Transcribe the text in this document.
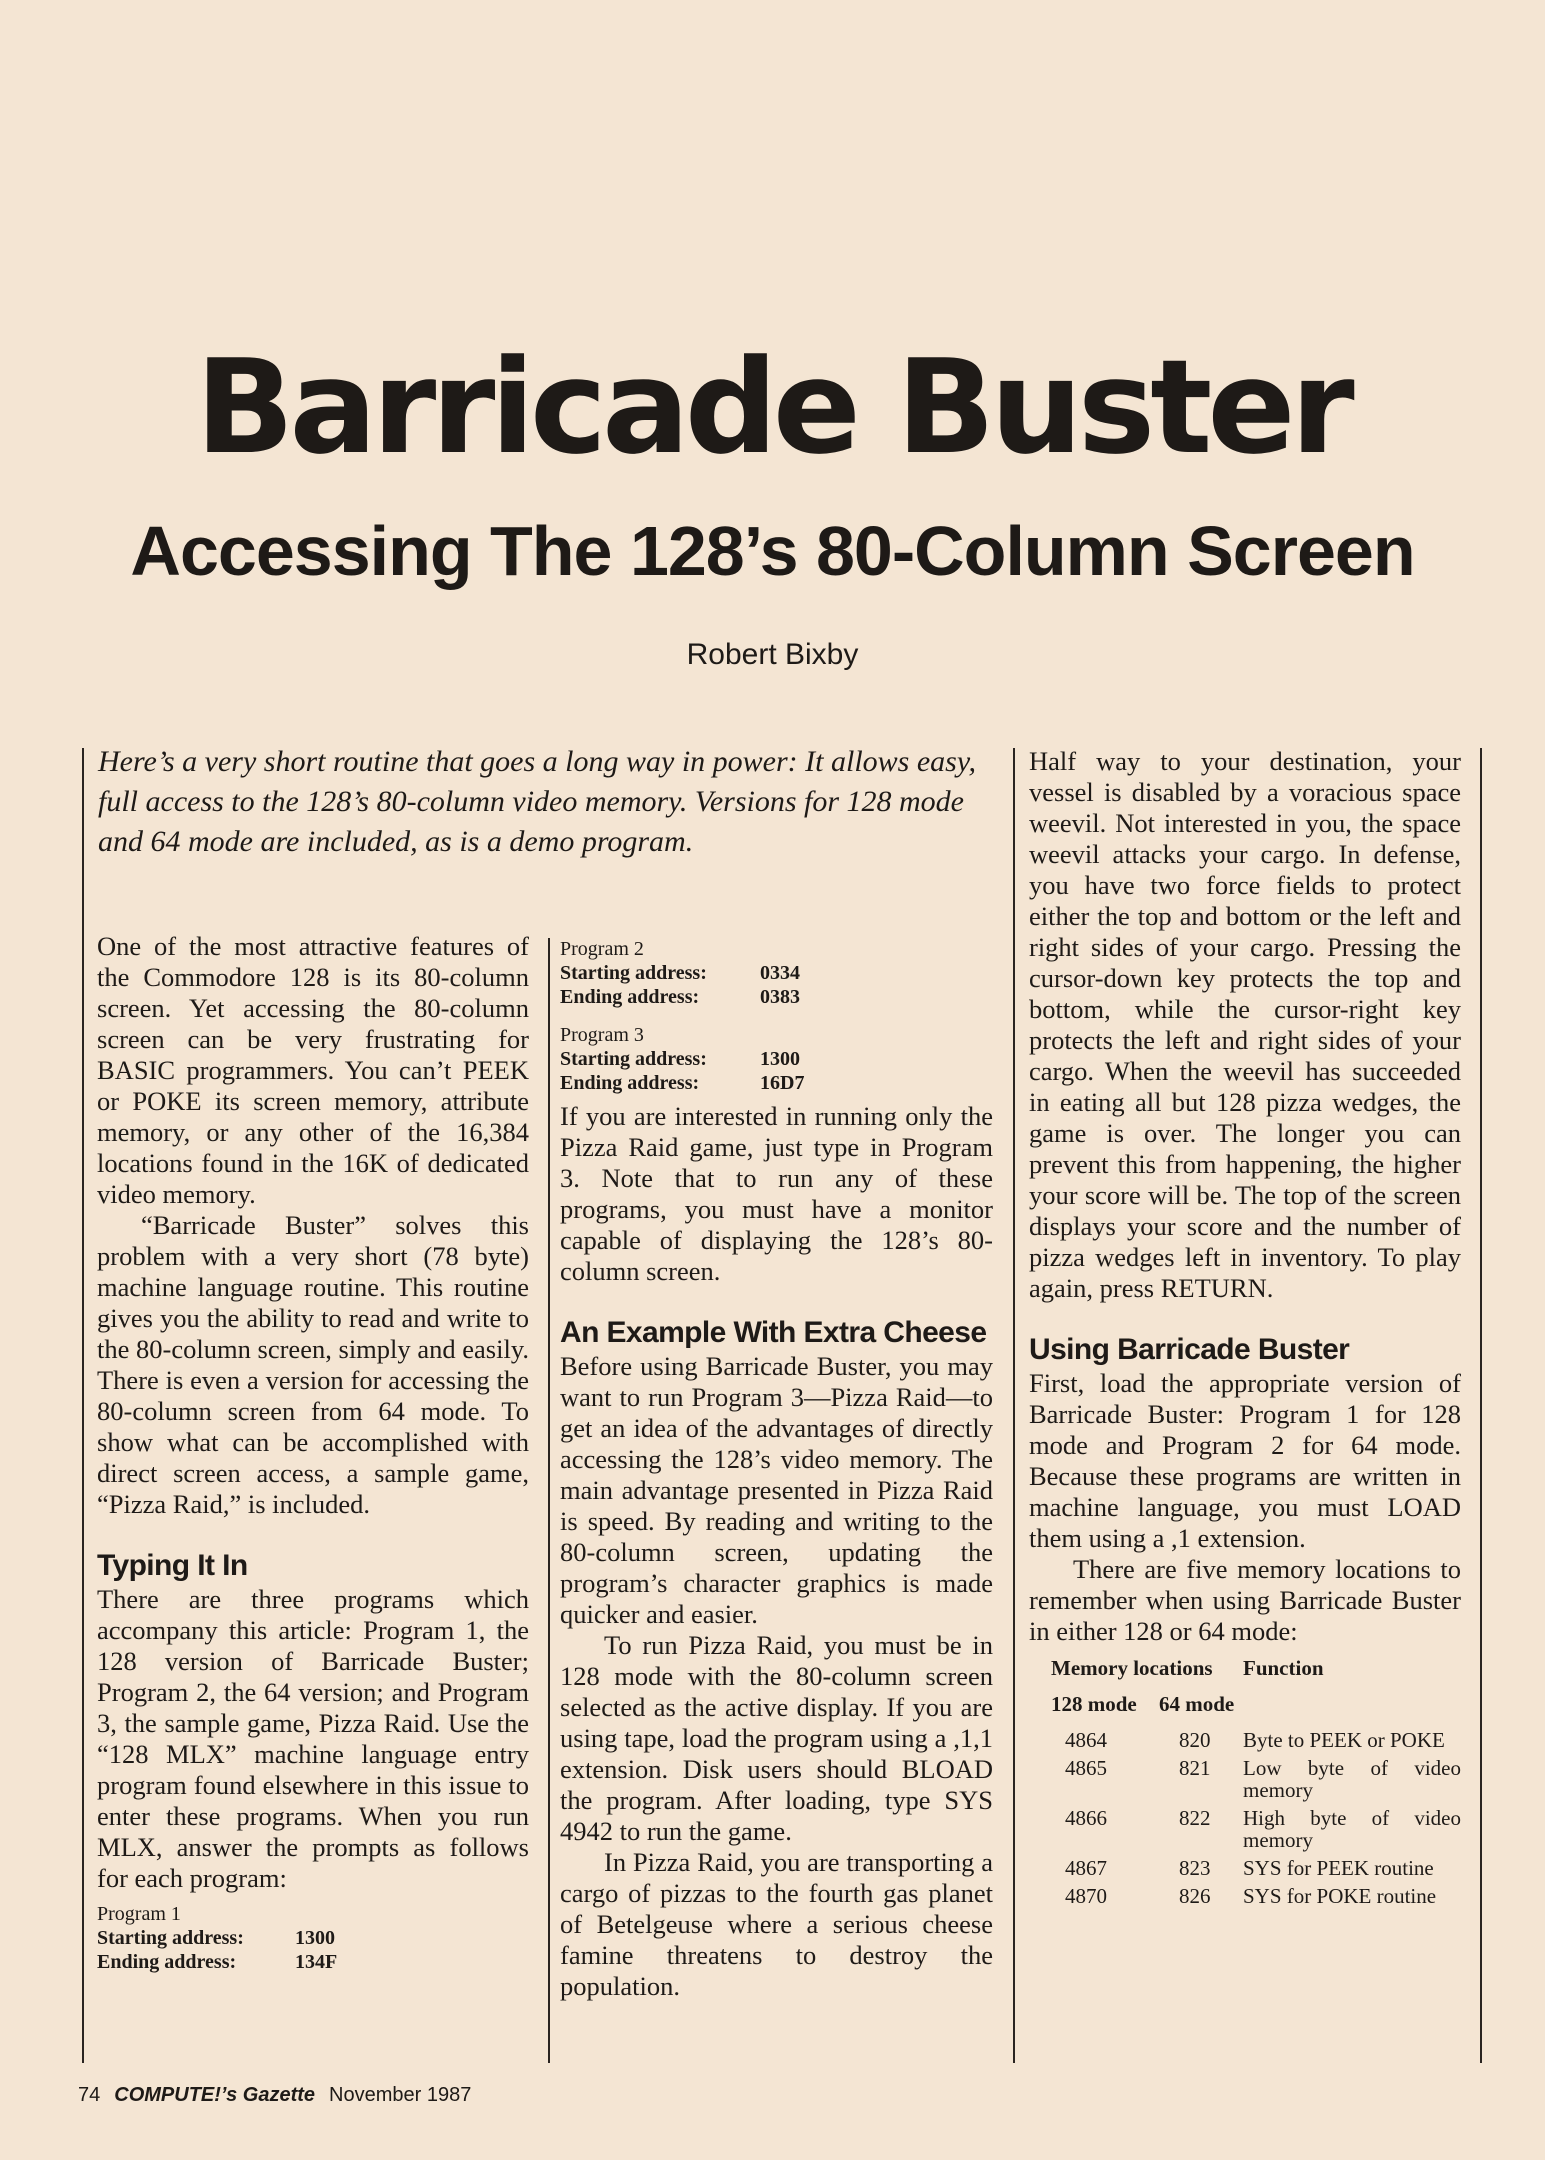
Barricade Buster
Accessing The 128’s 80-Column Screen
Robert Bixby

Here’s a very short routine that goes a long way in power: It allows easy, full access to the 128’s 80-column video memory. Versions for 128 mode and 64 mode are included, as is a demo program.

One of the most attractive features of the Commodore 128 is its 80-column screen. Yet accessing the 80-column screen can be very frustrating for BASIC programmers. You can’t PEEK or POKE its screen memory, attribute memory, or any other of the 16,384 locations found in the 16K of dedicated video memory.

“Barricade Buster” solves this problem with a very short (78 byte) machine language routine. This routine gives you the ability to read and write to the 80-column screen, simply and easily. There is even a version for accessing the 80-column screen from 64 mode. To show what can be accomplished with direct screen access, a sample game, “Pizza Raid,” is included.

Typing It In

There are three programs which accompany this article: Program 1, the 128 version of Barricade Buster; Program 2, the 64 version; and Program 3, the sample game, Pizza Raid. Use the “128 MLX” machine language entry program found elsewhere in this issue to enter these programs. When you run MLX, answer the prompts as follows for each program:

Program 1
Starting address:	1300
Ending address:	134F
Program 2
Starting address:	0334
Ending address:	0383
Program 3
Starting address:	1300
Ending address:	16D7

If you are interested in running only the Pizza Raid game, just type in Program 3. Note that to run any of these programs, you must have a monitor capable of displaying the 128’s 80-column screen.

An Example With Extra Cheese

Before using Barricade Buster, you may want to run Program 3—Pizza Raid—to get an idea of the advantages of directly accessing the 128’s video memory. The main advantage presented in Pizza Raid is speed. By reading and writing to the 80-column screen, updating the program’s character graphics is made quicker and easier.

To run Pizza Raid, you must be in 128 mode with the 80-column screen selected as the active display. If you are using tape, load the program using a ,1,1 extension. Disk users should BLOAD the program. After loading, type SYS 4942 to run the game.

In Pizza Raid, you are transporting a cargo of pizzas to the fourth gas planet of Betelgeuse where a serious cheese famine threatens to destroy the population.

Half way to your destination, your vessel is disabled by a voracious space weevil. Not interested in you, the space weevil attacks your cargo. In defense, you have two force fields to protect either the top and bottom or the left and right sides of your cargo. Pressing the cursor-down key protects the top and bottom, while the cursor-right key protects the left and right sides of your cargo. When the weevil has succeeded in eating all but 128 pizza wedges, the game is over. The longer you can prevent this from happening, the higher your score will be. The top of the screen displays your score and the number of pizza wedges left in inventory. To play again, press RETURN.

Using Barricade Buster

First, load the appropriate version of Barricade Buster: Program 1 for 128 mode and Program 2 for 64 mode. Because these programs are written in machine language, you must LOAD them using a ,1 extension.

There are five memory locations to remember when using Barricade Buster in either 128 or 64 mode:

Memory locations		Function
128 mode	64 mode	
4864	820	Byte to PEEK or POKE
4865	821	Low byte of video memory
4866	822	High byte of video memory
4867	823	SYS for PEEK routine
4870	826	SYS for POKE routine
74 COMPUTE!’s Gazette November 1987
